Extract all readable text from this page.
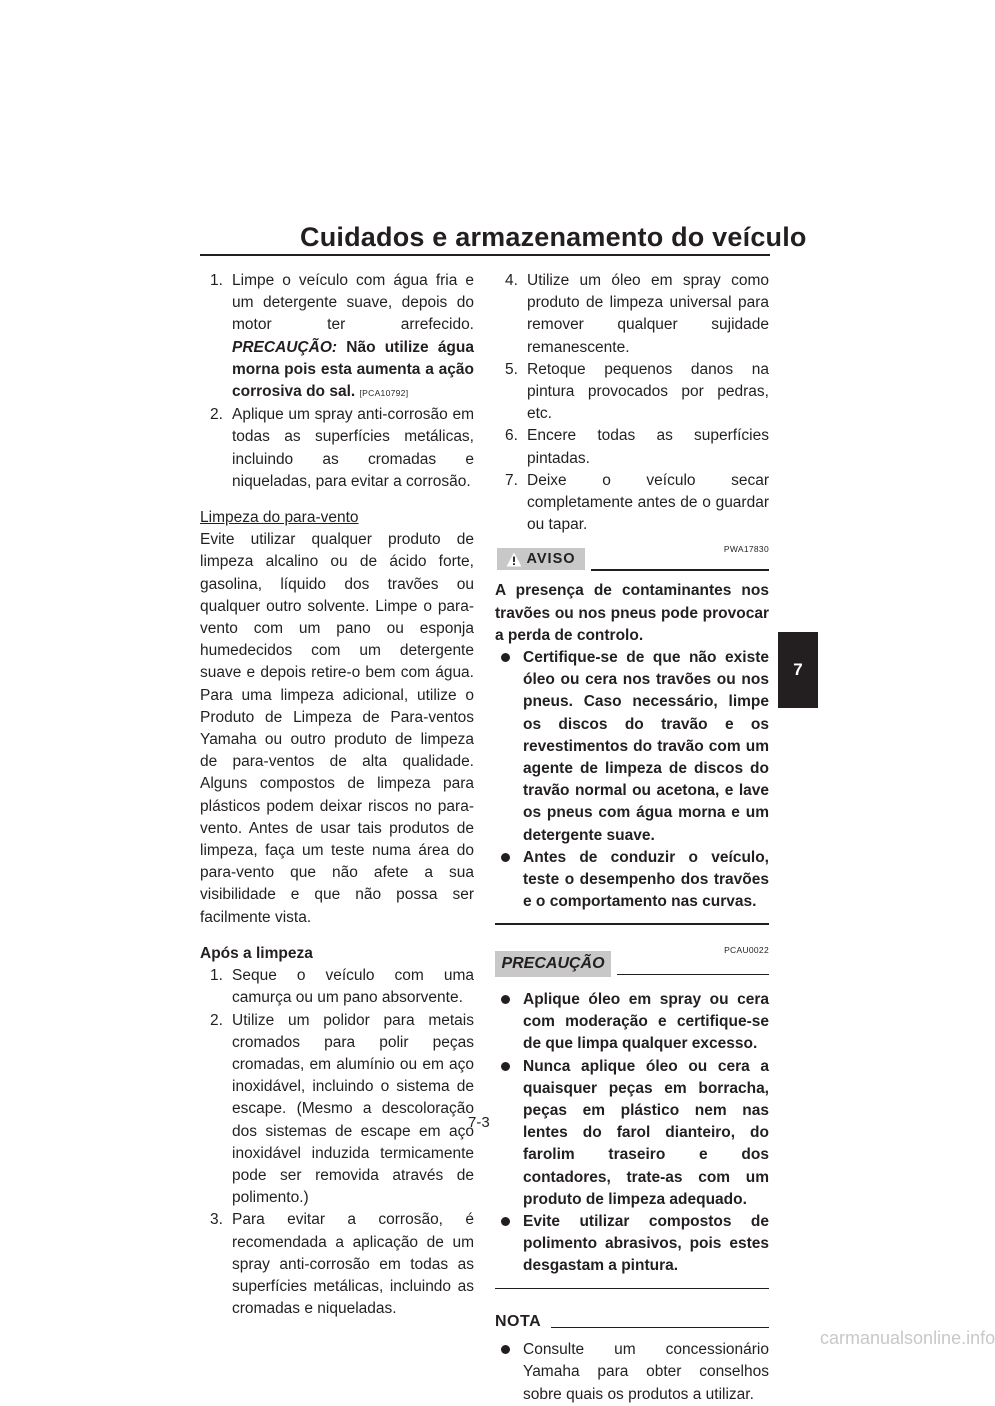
Cuidados e armazenamento do veículo
7
1. Limpe o veículo com água fria e um detergente suave, depois do motor ter arrefecido. PRECAUÇÃO: Não utilize água morna pois esta aumenta a ação corrosiva do sal. [PCA10792]
2. Aplique um spray anti-corrosão em todas as superfícies metálicas, incluindo as cromadas e niqueladas, para evitar a corrosão.

Limpeza do para-vento

Evite utilizar qualquer produto de limpeza alcalino ou de ácido forte, gasolina, líquido dos travões ou qualquer outro solvente. Limpe o para-vento com um pano ou esponja humedecidos com um detergente suave e depois retire-o bem com água. Para uma limpeza adicional, utilize o Produto de Limpeza de Para-ventos Yamaha ou outro produto de limpeza de para-ventos de alta qualidade. Alguns compostos de limpeza para plásticos podem deixar riscos no para-vento. Antes de usar tais produtos de limpeza, faça um teste numa área do para-vento que não afete a sua visibilidade e que não possa ser facilmente vista.

Após a limpeza

1. Seque o veículo com uma camurça ou um pano absorvente.
2. Utilize um polidor para metais cromados para polir peças cromadas, em alumínio ou em aço inoxidável, incluindo o sistema de escape. (Mesmo a descoloração dos sistemas de escape em aço inoxidável induzida termicamente pode ser removida através de polimento.)
3. Para evitar a corrosão, é recomendada a aplicação de um spray anti-corrosão em todas as superfícies metálicas, incluindo as cromadas e niqueladas.
4. Utilize um óleo em spray como produto de limpeza universal para remover qualquer sujidade remanescente.
5. Retoque pequenos danos na pintura provocados por pedras, etc.
6. Encere todas as superfícies pintadas.
7. Deixe o veículo secar completamente antes de o guardar ou tapar.
PWA17830
AVISO

A presença de contaminantes nos travões ou nos pneus pode provocar a perda de controlo.

Certifique-se de que não existe óleo ou cera nos travões ou nos pneus. Caso necessário, limpe os discos do travão e os revestimentos do travão com um agente de limpeza de discos do travão normal ou acetona, e lave os pneus com água morna e um detergente suave.
Antes de conduzir o veículo, teste o desempenho dos travões e o comportamento nas curvas.
PCAU0022
PRECAUÇÃO
Aplique óleo em spray ou cera com moderação e certifique-se de que limpa qualquer excesso.
Nunca aplique óleo ou cera a quaisquer peças em borracha, peças em plástico nem nas lentes do farol dianteiro, do farolim traseiro e dos contadores, trate-as com um produto de limpeza adequado.
Evite utilizar compostos de polimento abrasivos, pois estes desgastam a pintura.
NOTA
Consulte um concessionário Yamaha para obter conselhos sobre quais os produtos a utilizar.
7-3
carmanualsonline.info
